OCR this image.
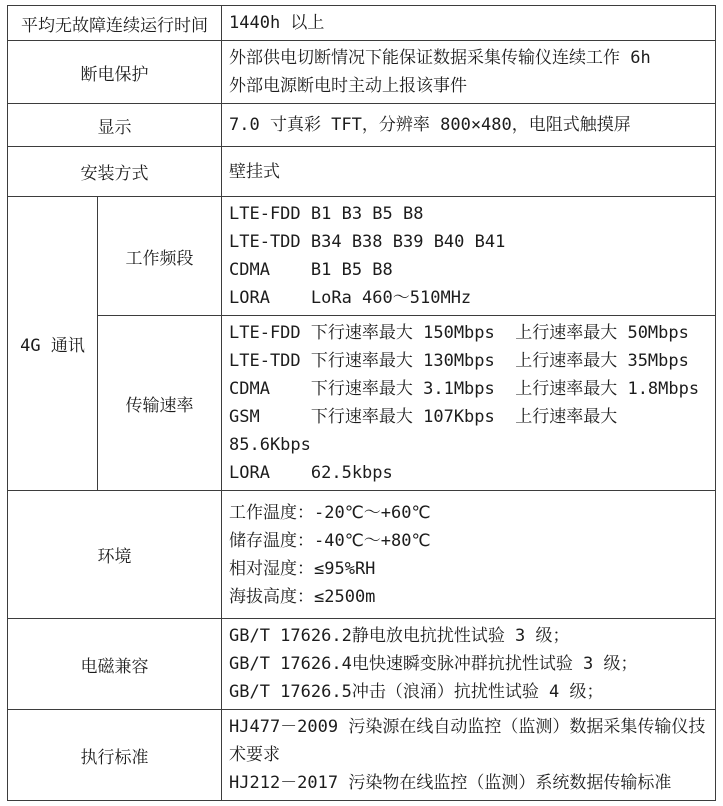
平均无故障连续运行时间		1440h 以上

断电保护		外部供电切断情况下能保证数据采集传输仪连续工作 6h
外部电源断电时主动上报该事件

显示		7.0 寸真彩 TFT，分辨率 800×480，电阻式触摸屏

安装方式		壁挂式

4G 通讯	工作频段	LTE-FDD B1 B3 B5 B8
LTE-TDD B34 B38 B39 B40 B41
CDMA    B1 B5 B8
LORA    LoRa 460～510MHz

	传输速率	LTE-FDD 下行速率最大 150Mbps  上行速率最大 50Mbps
LTE-TDD 下行速率最大 130Mbps  上行速率最大 35Mbps
CDMA    下行速率最大 3.1Mbps  上行速率最大 1.8Mbps
GSM     下行速率最大 107Kbps  上行速率最大 85.6Kbps
LORA    62.5kbps

环境		工作温度：-20℃～+60℃
储存温度：-40℃～+80℃
相对湿度：≤95%RH
海拔高度：≤2500m

电磁兼容		GB/T 17626.2静电放电抗扰性试验 3 级；
GB/T 17626.4电快速瞬变脉冲群抗扰性试验 3 级；
GB/T 17626.5冲击（浪涌）抗扰性试验 4 级；

执行标准		HJ477－2009 污染源在线自动监控（监测）数据采集传输仪技术要求
HJ212－2017 污染物在线监控（监测）系统数据传输标准
